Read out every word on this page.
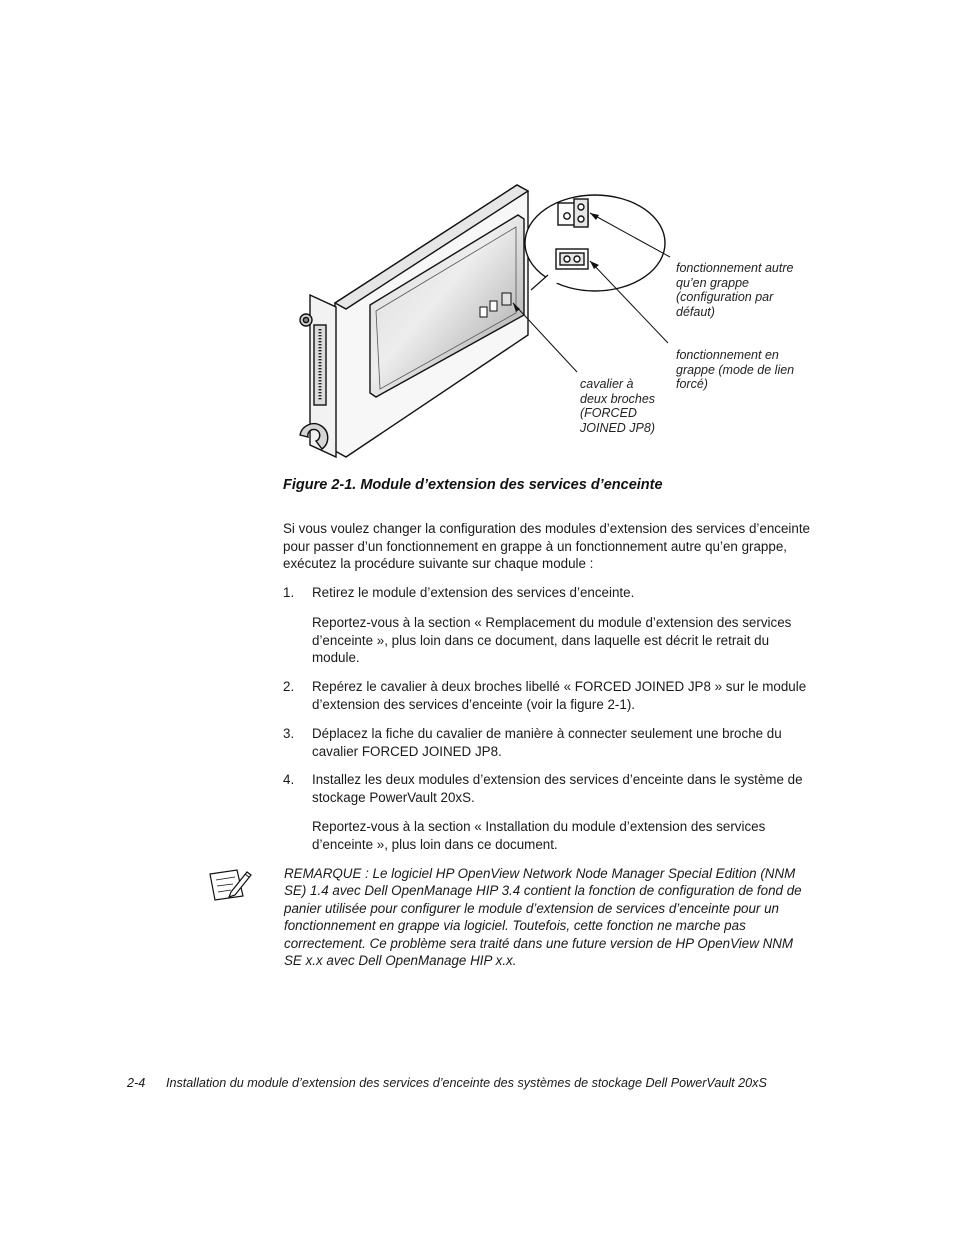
fonctionnement autre
qu’en grappe
(configuration par
défaut)
fonctionnement en
grappe (mode de lien
forcé)
cavalier à
deux broches
(FORCED
JOINED JP8)
Figure 2-1. Module d’extension des services d’enceinte
Si vous voulez changer la configuration des modules d’extension des services d’enceinte pour passer d’un fonctionnement en grappe à un fonctionnement autre qu’en grappe, exécutez la procédure suivante sur chaque module :
1. Retirez le module d’extension des services d’enceinte.
Reportez-vous à la section « Remplacement du module d’extension des services d’enceinte », plus loin dans ce document, dans laquelle est décrit le retrait du module.
2. Repérez le cavalier à deux broches libellé « FORCED JOINED JP8 » sur le module d’extension des services d’enceinte (voir la figure 2-1).
3. Déplacez la fiche du cavalier de manière à connecter seulement une broche du cavalier FORCED JOINED JP8.
4. Installez les deux modules d’extension des services d’enceinte dans le système de stockage PowerVault 20xS.
Reportez-vous à la section « Installation du module d’extension des services d’enceinte », plus loin dans ce document.
REMARQUE : Le logiciel HP OpenView Network Node Manager Special Edition (NNM SE) 1.4 avec Dell OpenManage HIP 3.4 contient la fonction de configuration de fond de panier utilisée pour configurer le module d’extension de services d’enceinte pour un fonctionnement en grappe via logiciel. Toutefois, cette fonction ne marche pas correctement. Ce problème sera traité dans une future version de HP OpenView NNM SE x.x avec Dell OpenManage HIP x.x.
2-4 Installation du module d’extension des services d’enceinte des systèmes de stockage Dell PowerVault 20xS
